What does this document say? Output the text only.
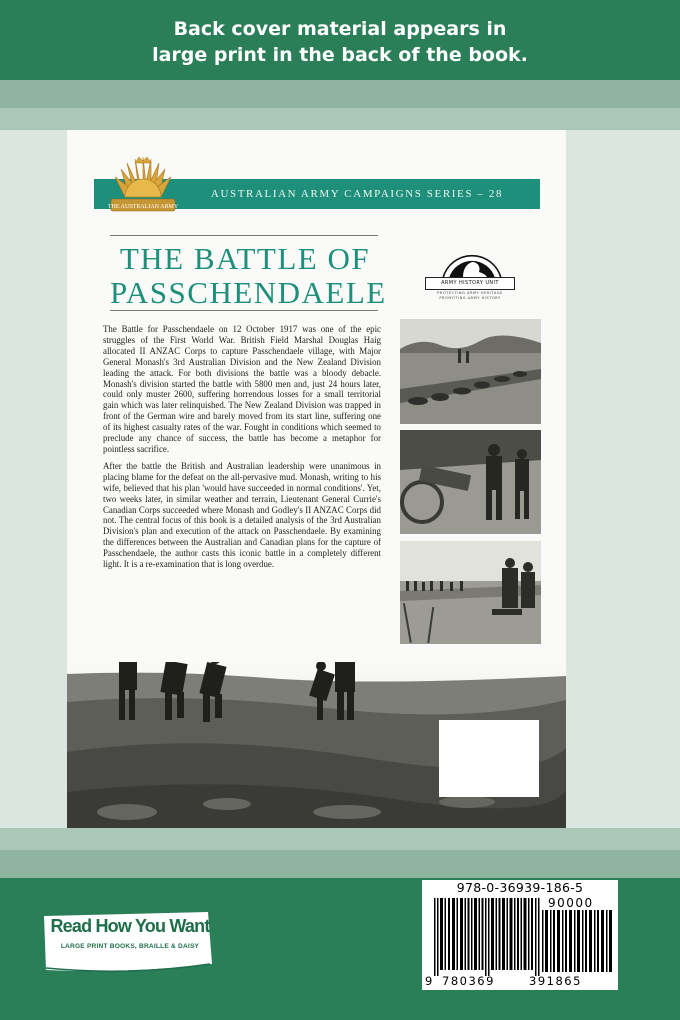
Back cover material appears in
large print in the back of the book.
AUSTRALIAN ARMY CAMPAIGNS SERIES – 28
THE AUSTRALIAN ARMY
THE BATTLE OF
PASSCHENDAELE	ARMY HISTORY UNIT
PROTECTING ARMY HERITAGE
PROMOTING ARMY HISTORY

The Battle for Passchendaele on 12 October 1917 was one of the epic struggles of the First World War. British Field Marshal Douglas Haig allocated II ANZAC Corps to capture Passchendaele village, with Major General Monash's 3rd Australian Division and the New Zealand Division leading the attack. For both divisions the battle was a bloody debacle. Monash's division started the battle with 5800 men and, just 24 hours later, could only muster 2600, suffering horrendous losses for a small territorial gain which was later relinquished. The New Zealand Division was trapped in front of the German wire and barely moved from its start line, suffering one of its highest casualty rates of the war. Fought in conditions which seemed to preclude any chance of success, the battle has become a metaphor for pointless sacrifice.

After the battle the British and Australian leadership were unanimous in placing blame for the defeat on the all-pervasive mud. Monash, writing to his wife, believed that his plan 'would have succeeded in normal conditions'. Yet, two weeks later, in similar weather and terrain, Lieutenant General Currie's Canadian Corps succeeded where Monash and Godley's II ANZAC Corps did not. The central focus of this book is a detailed analysis of the 3rd Australian Division's plan and execution of the attack on Passchendaele. By examining the differences between the Australian and Canadian plans for the capture of Passchendaele, the author casts this iconic battle in a completely different light. It is a re-examination that is long overdue.

978-0-36939-186-5
90000
9 780369	391865
Read How You Want
LARGE PRINT BOOKS, BRAILLE & DAISY
